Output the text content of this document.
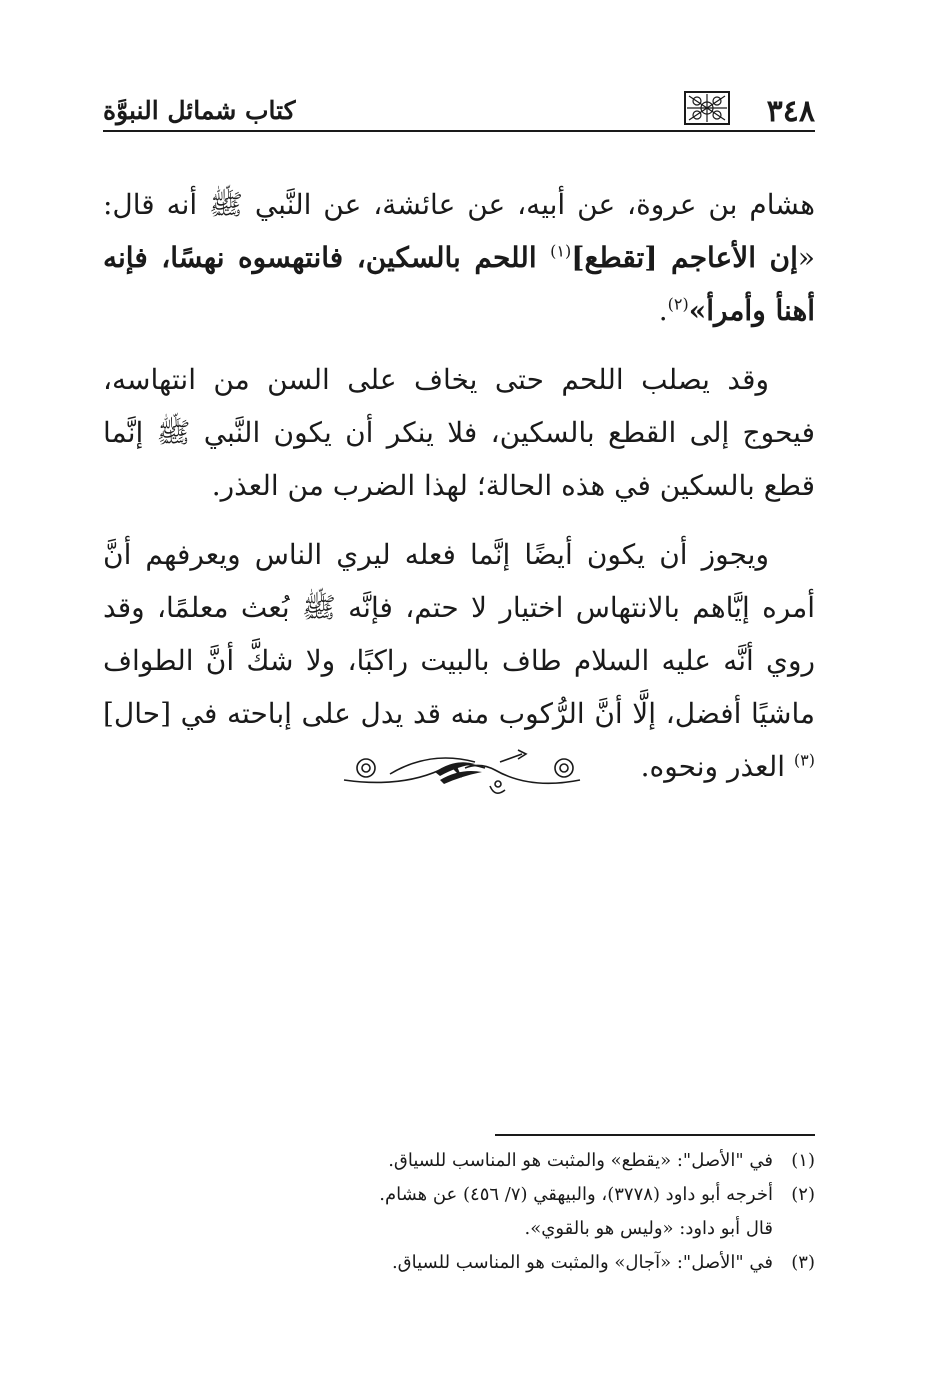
٣٤٨
كتاب شمائل النبوَّة

هشام بن عروة، عن أبيه، عن عائشة، عن النَّبي ﷺ أنه قال: «إن الأعاجم [تقطع]$^{(١)}$ اللحم بالسكين، فانتهسوه نهسًا، فإنه أهنأ وأمرأ»$^{(٢)}$.

وقد يصلب اللحم حتى يخاف على السن من انتهاسه، فيحوج إلى القطع بالسكين، فلا ينكر أن يكون النَّبي ﷺ إنَّما قطع بالسكين في هذه الحالة؛ لهذا الضرب من العذر.

ويجوز أن يكون أيضًا إنَّما فعله ليري الناس ويعرفهم أنَّ أمره إيَّاهم بالانتهاس اختيار لا حتم، فإنَّه ﷺ بُعث معلمًا، وقد روي أنَّه عليه السلام طاف بالبيت راكبًا، ولا شكَّ أنَّ الطواف ماشيًا أفضل، إلَّا أنَّ الرُّكوب منه قد يدل على إباحته في [حال]$^{(٣)}$ العذر ونحوه.

(١)
في "الأصل": «يقطع» والمثبت هو المناسب للسياق.
(٢)
أخرجه أبو داود (٣٧٧٨)، والبيهقي (٧/ ٤٥٦) عن هشام.
قال أبو داود: «وليس هو بالقوي».
(٣)
في "الأصل": «آجال» والمثبت هو المناسب للسياق.
